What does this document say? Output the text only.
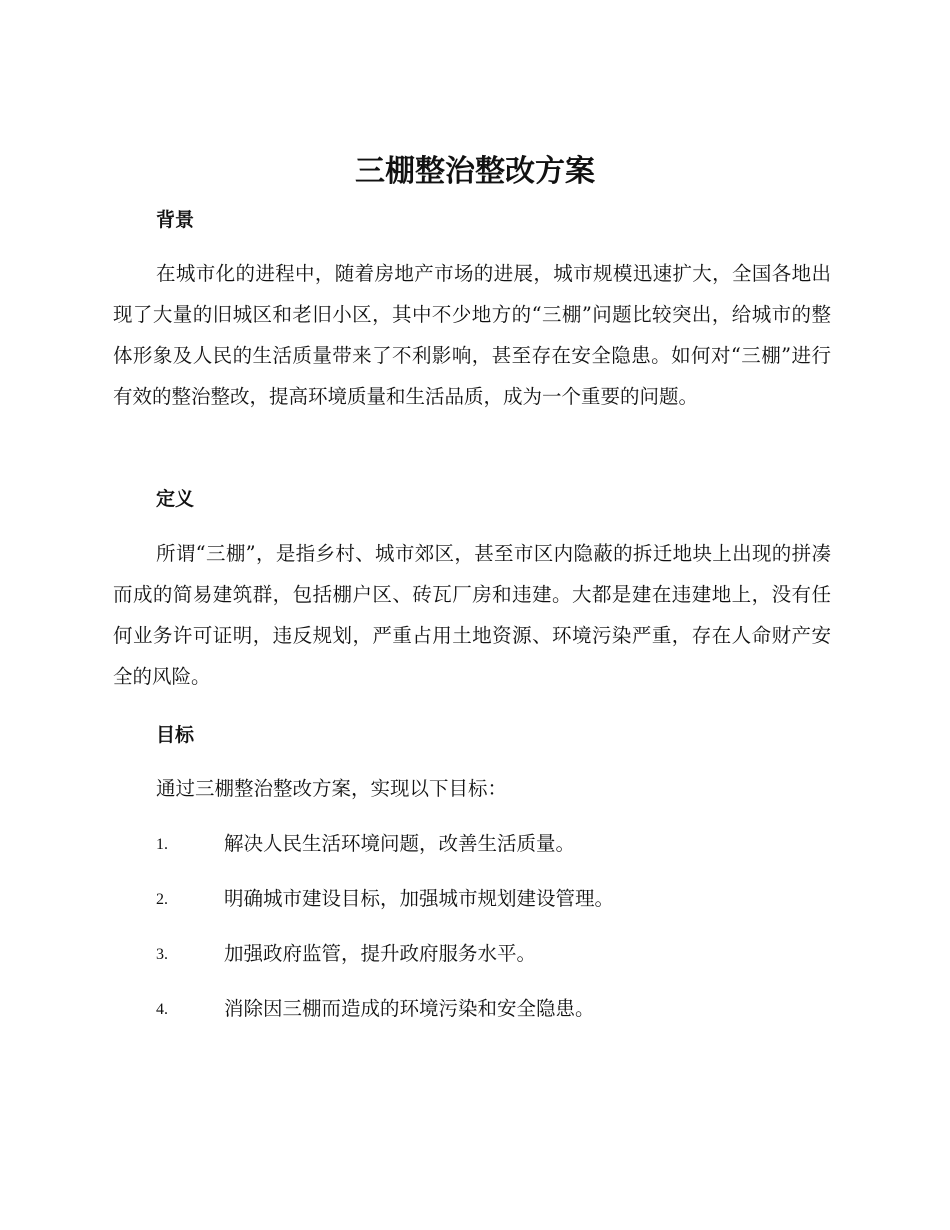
三棚整治整改方案
背景

在城市化的进程中，随着房地产市场的进展，城市规模迅速扩大，全国各地出现了大量的旧城区和老旧小区，其中不少地方的“三棚”问题比较突出，给城市的整体形象及人民的生活质量带来了不利影响，甚至存在安全隐患。如何对“三棚”进行有效的整治整改，提高环境质量和生活品质，成为一个重要的问题。

定义

所谓“三棚”，是指乡村、城市郊区，甚至市区内隐蔽的拆迁地块上出现的拼凑而成的简易建筑群，包括棚户区、砖瓦厂房和违建。大都是建在违建地上，没有任何业务许可证明，违反规划，严重占用土地资源、环境污染严重，存在人命财产安全的风险。

目标
通过三棚整治整改方案，实现以下目标：
1.	解决人民生活环境问题，改善生活质量。
2.	明确城市建设目标，加强城市规划建设管理。
3.	加强政府监管，提升政府服务水平。
4.	消除因三棚而造成的环境污染和安全隐患。
